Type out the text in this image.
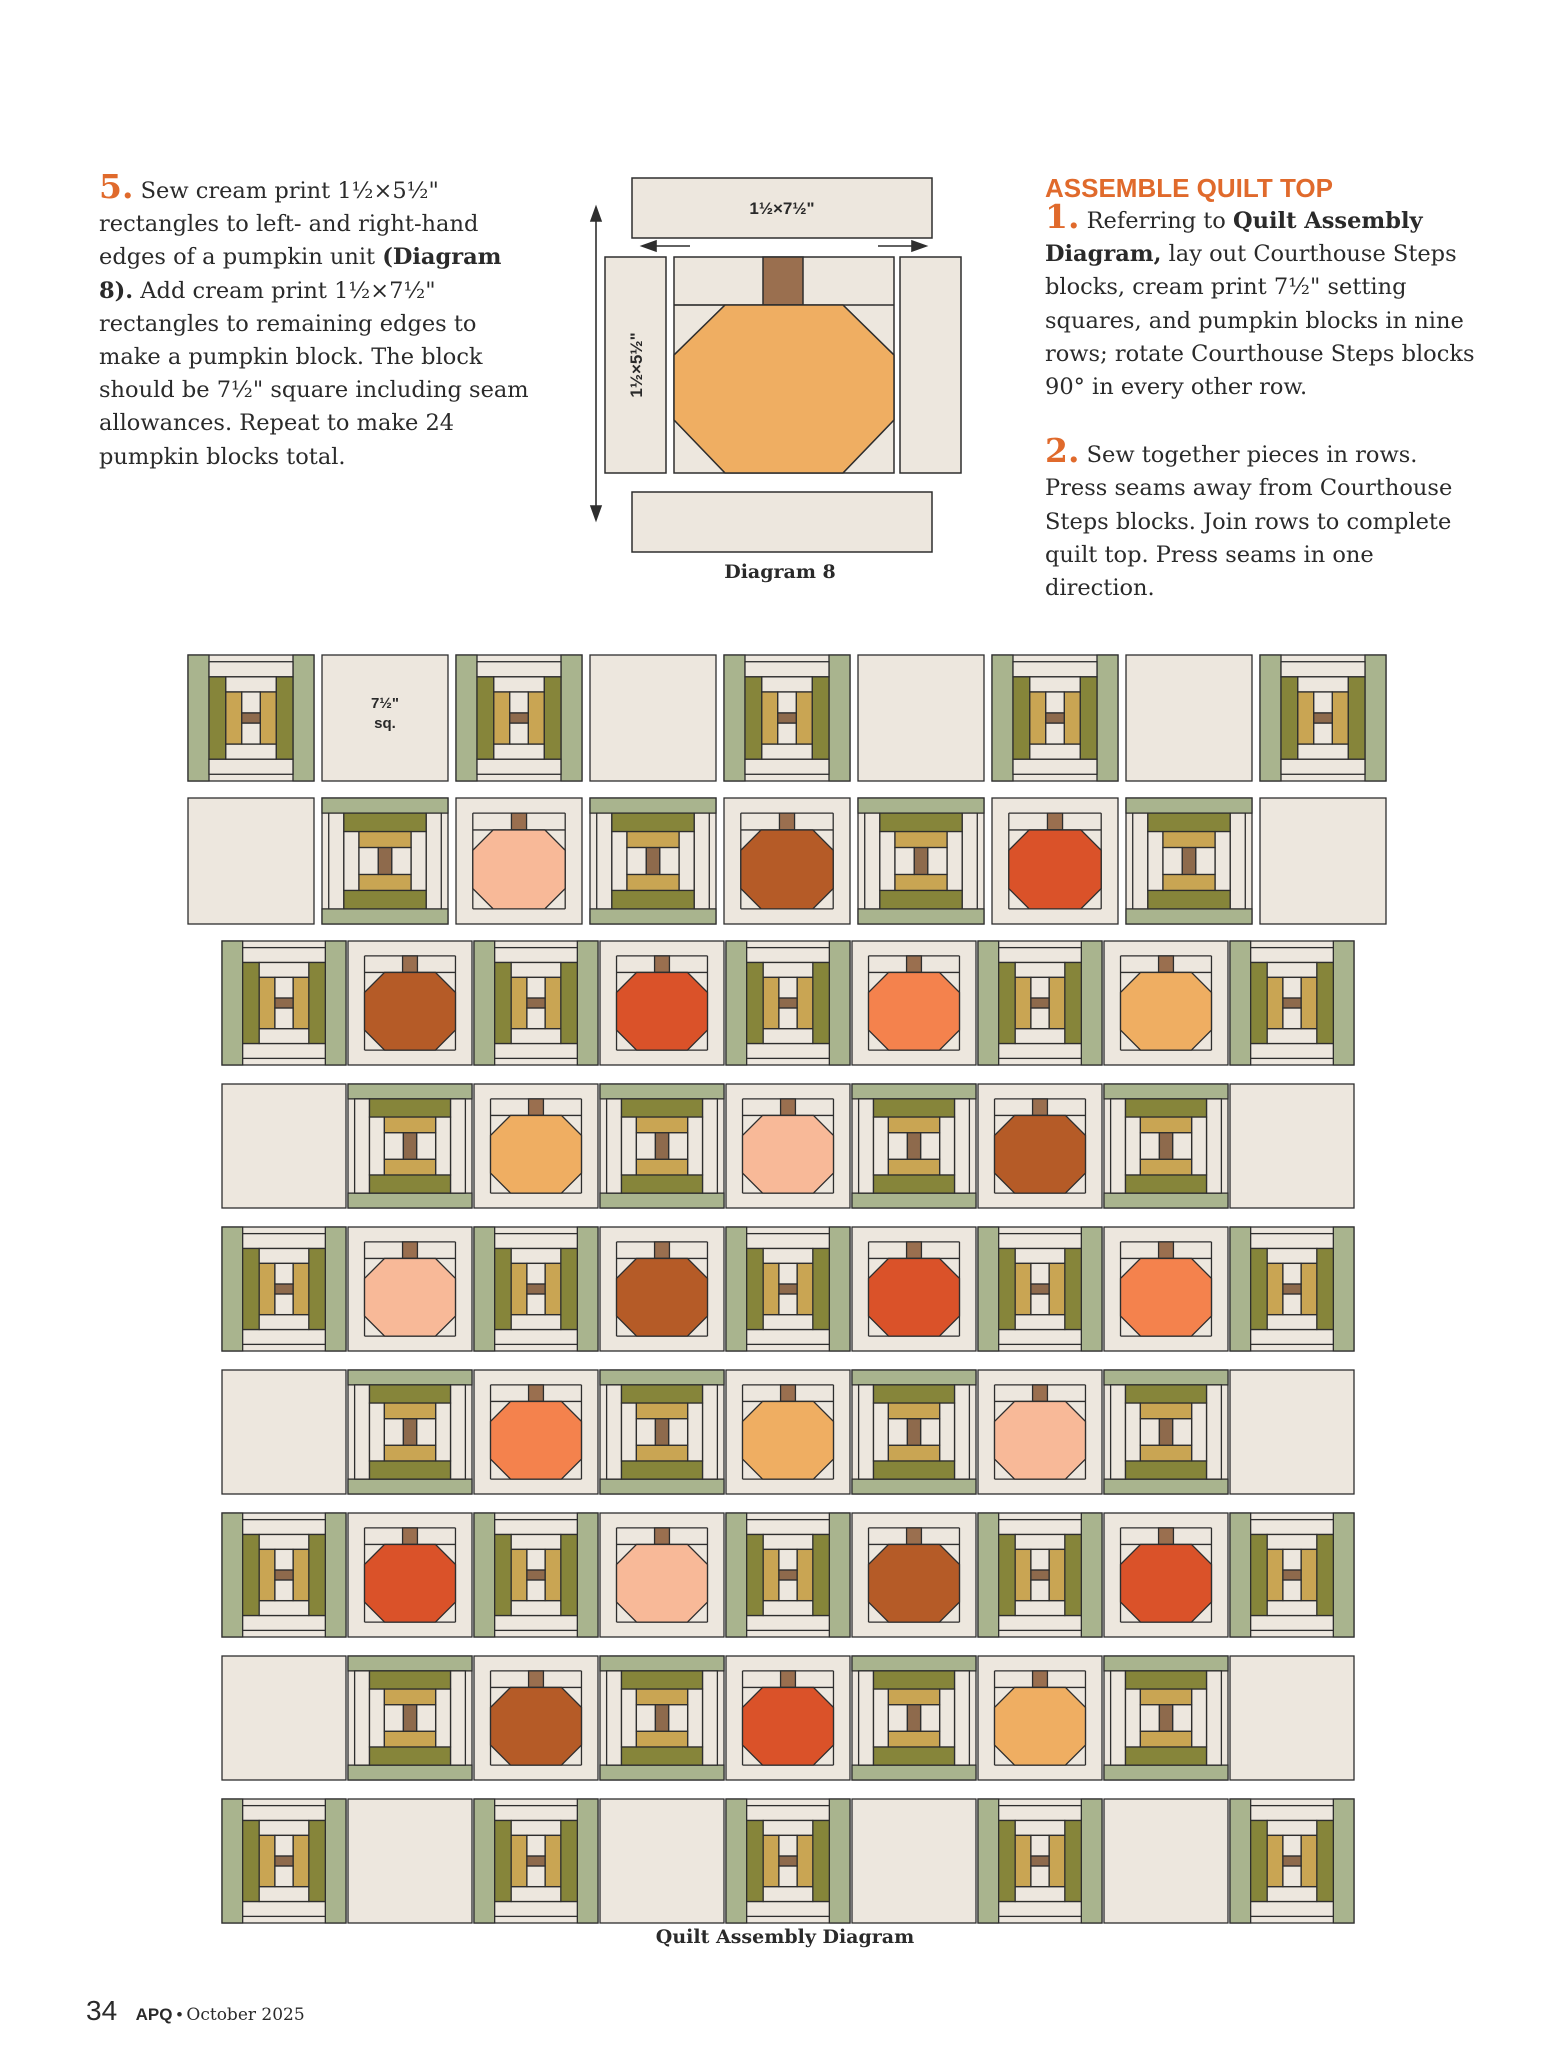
5. Sew cream print 1½×5½" rectangles to left- and right-hand edges of a pumpkin unit (Diagram 8). Add cream print 1½×7½" rectangles to remaining edges to make a pumpkin block. The block should be 7½" square including seam allowances. Repeat to make 24 pumpkin blocks total.

1½×7½"
1½×5½"
Diagram 8
ASSEMBLE QUILT TOP

1. Referring to Quilt Assembly Diagram, lay out Courthouse Steps blocks, cream print 7½" setting squares, and pumpkin blocks in nine rows; rotate Courthouse Steps blocks 90° in every other row.

2. Sew together pieces in rows. Press seams away from Courthouse Steps blocks. Join rows to complete quilt top. Press seams in one direction.

7½"
sq.
Quilt Assembly Diagram
34 APQ • October 2025
